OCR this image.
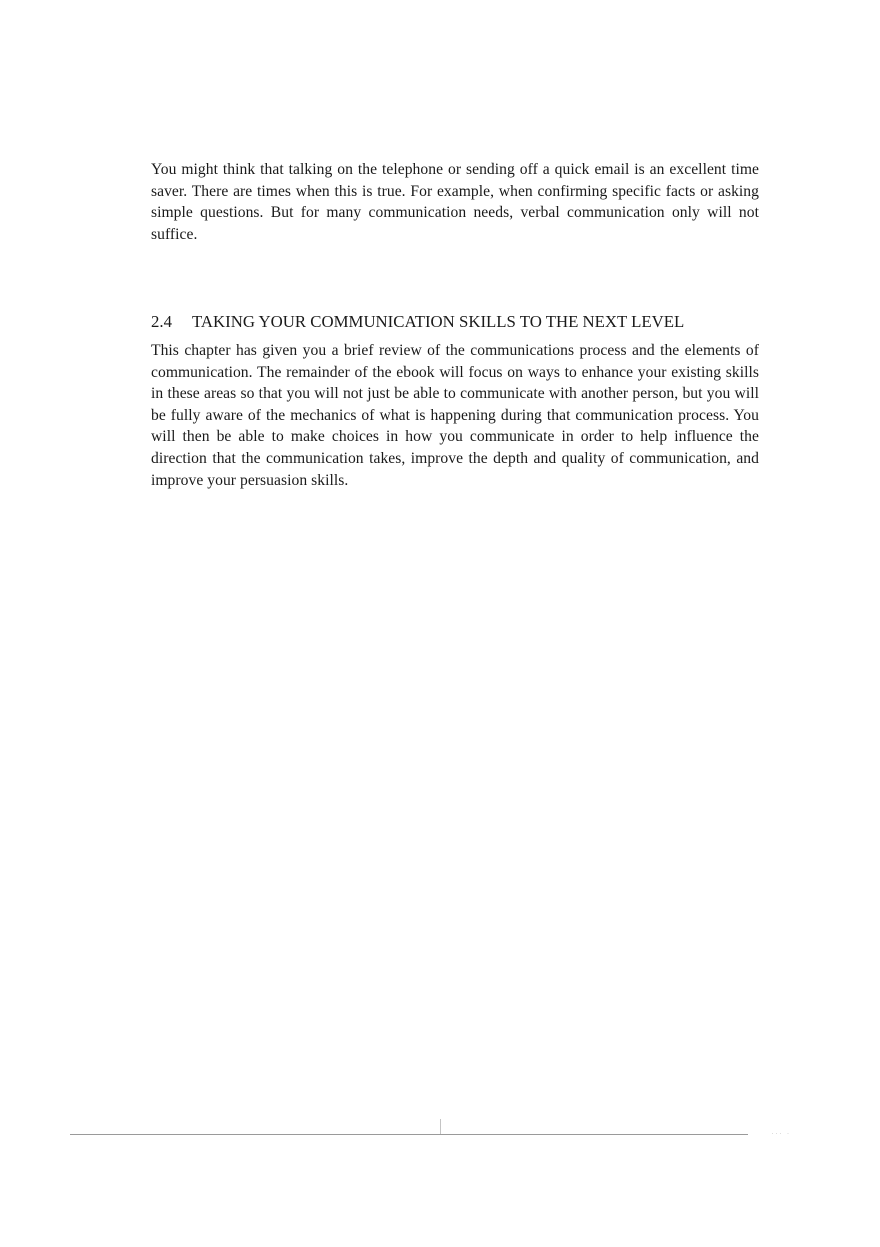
You might think that talking on the telephone or sending off a quick email is an excellent time saver. There are times when this is true. For example, when confirming specific facts or asking simple questions. But for many communication needs, verbal communication only will not suffice.

2.4 TAKING YOUR COMMUNICATION SKILLS TO THE NEXT LEVEL

This chapter has given you a brief review of the communications process and the elements of communication. The remainder of the ebook will focus on ways to enhance your existing skills in these areas so that you will not just be able to communicate with another person, but you will be fully aware of the mechanics of what is happening during that communication process. You will then be able to make choices in how you communicate in order to help influence the direction that the communication takes, improve the depth and quality of communication, and improve your persuasion skills.

··· ·
